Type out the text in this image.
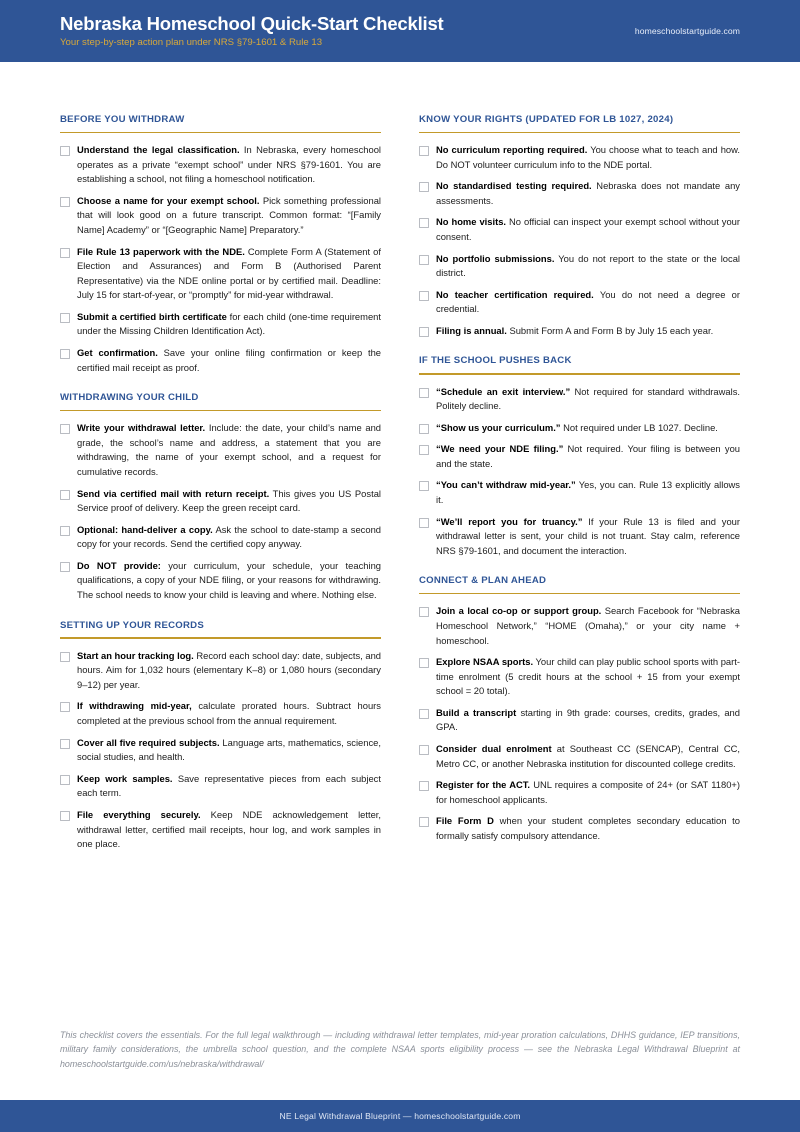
Nebraska Homeschool Quick-Start Checklist
Your step-by-step action plan under NRS §79-1601 & Rule 13
homeschoolstartguide.com
BEFORE YOU WITHDRAW
Understand the legal classification. In Nebraska, every homeschool operates as a private “exempt school” under NRS §79-1601. You are establishing a school, not filing a homeschool notification.
Choose a name for your exempt school. Pick something professional that will look good on a future transcript. Common format: “[Family Name] Academy” or “[Geographic Name] Preparatory.”
File Rule 13 paperwork with the NDE. Complete Form A (Statement of Election and Assurances) and Form B (Authorised Parent Representative) via the NDE online portal or by certified mail. Deadline: July 15 for start-of-year, or “promptly” for mid-year withdrawal.
Submit a certified birth certificate for each child (one-time requirement under the Missing Children Identification Act).
Get confirmation. Save your online filing confirmation or keep the certified mail receipt as proof.
WITHDRAWING YOUR CHILD
Write your withdrawal letter. Include: the date, your child’s name and grade, the school’s name and address, a statement that you are withdrawing, the name of your exempt school, and a request for cumulative records.
Send via certified mail with return receipt. This gives you US Postal Service proof of delivery. Keep the green receipt card.
Optional: hand-deliver a copy. Ask the school to date-stamp a second copy for your records. Send the certified copy anyway.
Do NOT provide: your curriculum, your schedule, your teaching qualifications, a copy of your NDE filing, or your reasons for withdrawing. The school needs to know your child is leaving and where. Nothing else.
SETTING UP YOUR RECORDS
Start an hour tracking log. Record each school day: date, subjects, and hours. Aim for 1,032 hours (elementary K–8) or 1,080 hours (secondary 9–12) per year.
If withdrawing mid-year, calculate prorated hours. Subtract hours completed at the previous school from the annual requirement.
Cover all five required subjects. Language arts, mathematics, science, social studies, and health.
Keep work samples. Save representative pieces from each subject each term.
File everything securely. Keep NDE acknowledgement letter, withdrawal letter, certified mail receipts, hour log, and work samples in one place.
KNOW YOUR RIGHTS (UPDATED FOR LB 1027, 2024)
No curriculum reporting required. You choose what to teach and how. Do NOT volunteer curriculum info to the NDE portal.
No standardised testing required. Nebraska does not mandate any assessments.
No home visits. No official can inspect your exempt school without your consent.
No portfolio submissions. You do not report to the state or the local district.
No teacher certification required. You do not need a degree or credential.
Filing is annual. Submit Form A and Form B by July 15 each year.
IF THE SCHOOL PUSHES BACK
“Schedule an exit interview.” Not required for standard withdrawals. Politely decline.
“Show us your curriculum.” Not required under LB 1027. Decline.
“We need your NDE filing.” Not required. Your filing is between you and the state.
“You can’t withdraw mid-year.” Yes, you can. Rule 13 explicitly allows it.
“We’ll report you for truancy.” If your Rule 13 is filed and your withdrawal letter is sent, your child is not truant. Stay calm, reference NRS §79-1601, and document the interaction.
CONNECT & PLAN AHEAD
Join a local co-op or support group. Search Facebook for “Nebraska Homeschool Network,” “HOME (Omaha),” or your city name + homeschool.
Explore NSAA sports. Your child can play public school sports with part-time enrolment (5 credit hours at the school + 15 from your exempt school = 20 total).
Build a transcript starting in 9th grade: courses, credits, grades, and GPA.
Consider dual enrolment at Southeast CC (SENCAP), Central CC, Metro CC, or another Nebraska institution for discounted college credits.
Register for the ACT. UNL requires a composite of 24+ (or SAT 1180+) for homeschool applicants.
File Form D when your student completes secondary education to formally satisfy compulsory attendance.
This checklist covers the essentials. For the full legal walkthrough — including withdrawal letter templates, mid-year proration calculations, DHHS guidance, IEP transitions, military family considerations, the umbrella school question, and the complete NSAA sports eligibility process — see the Nebraska Legal Withdrawal Blueprint at homeschoolstartguide.com/us/nebraska/withdrawal/
NE Legal Withdrawal Blueprint — homeschoolstartguide.com
